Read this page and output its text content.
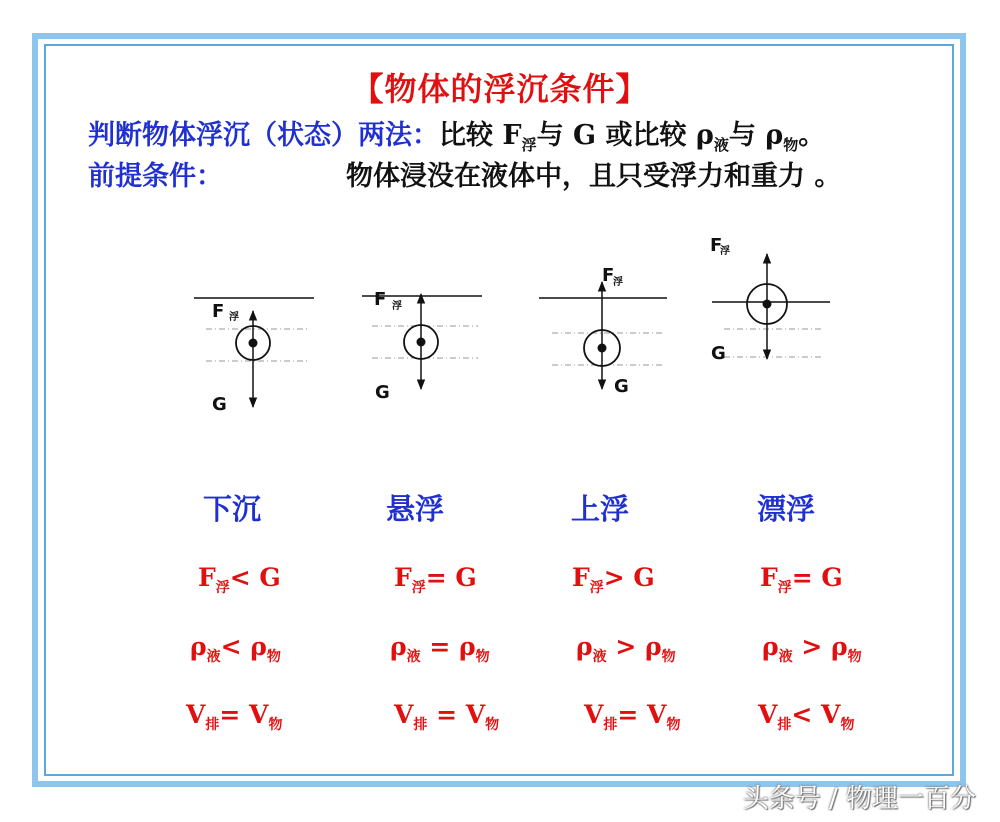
【物体的浮沉条件】
判断物体浮沉（状态）两法：比较 $F_浮$与 G 或比较 $\rho_液$与 $\rho_物$。
前提条件：	物体浸没在液体中，且只受浮力和重力 。
F 浮
G
F 浮
G
F
浮
G
F
浮
G
下沉	悬浮	上浮	漂浮
$F_浮< G$	$F_浮= G$	$F_浮> G$	$F_浮= G$
$\rho_液< \rho_物$	$\rho_液 = \rho_物$	$\rho_液 > \rho_物$	$\rho_液 > \rho_物$
$V_排= V_物$	$V_排 = V_物$	$V_排= V_物$	$V_排< V_物$
头条号 / 物理一百分
